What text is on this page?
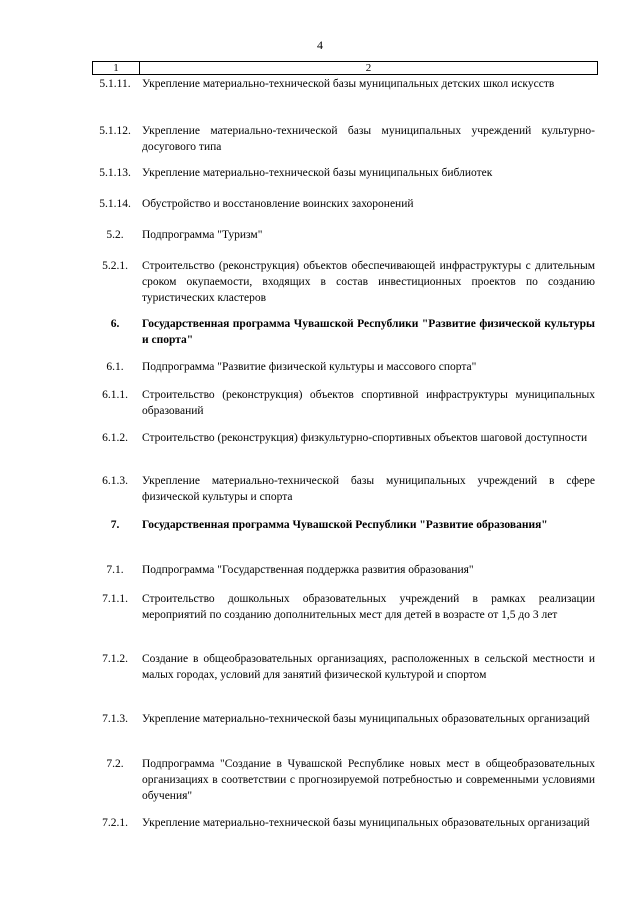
4
1	2
5.1.11. Укрепление материально-технической базы муниципальных детских школ искусств
5.1.12. Укрепление материально-технической базы муниципальных учреждений культурно-досугового типа
5.1.13. Укрепление материально-технической базы муниципальных библиотек
5.1.14. Обустройство и восстановление воинских захоронений
5.2.	Подпрограмма "Туризм"
5.2.1.	Строительство (реконструкция) объектов обеспечивающей инфраструктуры с длительным сроком окупаемости, входящих в состав инвестиционных проектов по созданию туристических кластеров
6.	Государственная программа Чувашской Республики "Развитие физической культуры и спорта"
6.1.	Подпрограмма "Развитие физической культуры и массового спорта"
6.1.1.	Строительство (реконструкция) объектов спортивной инфраструктуры муниципальных образований
6.1.2.	Строительство (реконструкция) физкультурно-спортивных объектов шаговой доступности
6.1.3.	Укрепление материально-технической базы муниципальных учреждений в сфере физической культуры и спорта
7.	Государственная программа Чувашской Республики "Развитие образования"
7.1.	Подпрограмма "Государственная поддержка развития образования"
7.1.1.	Строительство дошкольных образовательных учреждений в рамках реализации мероприятий по созданию дополнительных мест для детей в возрасте от 1,5 до 3 лет
7.1.2.	Создание в общеобразовательных организациях, расположенных в сельской местности и малых городах, условий для занятий физической культурой и спортом
7.1.3.	Укрепление материально-технической базы муниципальных образовательных организаций
7.2.	Подпрограмма "Создание в Чувашской Республике новых мест в общеобразовательных организациях в соответствии с прогнозируемой потребностью и современными условиями обучения"
7.2.1.	Укрепление материально-технической базы муниципальных образовательных организаций
